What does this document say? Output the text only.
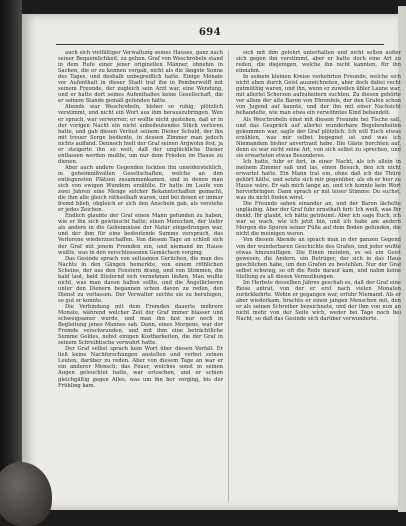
694

auch sich vielfältiger Verwaltung seines Hauses, ganz nach seiner Bequemlichkeit, zu gehen. Graf von Weschrobeln stand in dem Rufe einer jener originellen Männer, ohnehin in Sachen, die er zu kennen vorgab, nicht als die längste Sonne des Tages, und deshalb unbegreiflich hatte. Einige Monate vor Aufenthalt in dieser Stadt traf ihn in Pemberwolff mit seinem Freunde, der zugleich sein Arzt war, eine Wendung, und er hatte dort seines Aufenthaltes keine Gesellschaft, die er seinem Stande gemäß gefunden hätte.

Abends war Weschrobeln, bisher so ruhig, plötzlich verstimmt, und nicht ein Wort aus ihm herauszubringen. Wen er sprach, war verworren; er wollte nicht gestehen, daß er in der vorigen Nacht ein nicht unbedeutendes Stück verloren hatte, und gab diesen Verlust seinem Diener Schuld, der ihn mit treuer Sorge bediente, in dessen Zimmer man jedoch nichts auffand. Dennoch hielt der Graf seinen Argwohn fest, ja er steigerte ihn so weit, daß der unglückliche Diener entlassen werden mußte, um nur dem Frieden im Hause zu dienen.

Aber auch andere Gegenden lockten ihn unwiderstehlich, in geheimnißvollen Gesellschaften, welche an den entlegensten Plätzen zusammenkamen, und in denen man sich von ewigen Wundern erzählte. Er hatte im Laufe von zwei Jahren eine Menge solcher Bekanntschaften gemacht, die ihm alle gleich räthselhaft waren, und bei denen er immer fremd blieb, obgleich er sich den Anschein gab, als verstehe er jedes Zeichen.

Endlich glaubte der Graf einen Mann gefunden zu haben, wie er ihn sich gewünscht hatte; einen Menschen, der tiefer als andere in die Geheimnisse der Natur eingedrungen war, und der ihm für eine bedeutende Summe versprach, das Verlorene wiederzuschaffen. Von diesem Tage an schloß sich der Graf mit jenem Fremden ein, und niemand im Hause wußte, was in den verschlossenen Gemächern vorging.

Das Gesinde sprach von seltsamen Gerüchen, die man des Nachts in den Gängen bemerkte, von einem röthlichen Scheine, der aus den Fenstern drang, und von Stimmen, die bald laut, bald flüsternd sich vernehmen ließen. Man wußte nicht, was man davon halten sollte, und die Ängstlicheren unter den Dienern begannen schon davon zu reden, den Dienst zu verlassen. Der Verwalter suchte sie zu beruhigen, so gut er konnte.

Die Verbindung mit dem Fremden dauerte mehrere Monate, während welcher Zeit der Graf immer blasser und schweigsamer wurde, und man ihn fast nur noch in Begleitung jenes Mannes sah. Dann, eines Morgens, war der Fremde verschwunden, und mit ihm eine beträchtliche Summe Geldes, nebst einigen Kostbarkeiten, die der Graf in seinem Schreibtische verwahrt hatte.

Der Graf selbst sprach kein Wort über diesen Vorfall. Er ließ keine Nachforschungen anstellen und verbot seinen Leuten, darüber zu reden. Aber von diesem Tage an war er ein anderer Mensch; das Feuer, welches sonst in seinen Augen geleuchtet hatte, war erloschen, und er schien gleichgültig gegen Alles, was um ihn her vorging, bis der Frühling kam.

sich mit ihm gelehrt unterhalten und nicht selten außer sich gegen ihn verstimmt, aber er hatte doch eine Art zu reden, die diejenigen, welche ihn nicht kannten, für ihn einnahm.

In seinem kleinen Kreise verkehrten Freunde, welche sich nicht eben durch Geist auszeichneten, aber doch dabei recht gutmüthig waren, und ihn, wenn er zuweilen übler Laune war, mit allerlei Scherzen aufzuheitern suchten. Zu diesen gehörte vor allem der alte Baron von Ehrenfels, der den Grafen schon von Jugend auf kannte, und der ihn mit einer Nachsicht behandelte, wie man etwa ein verwöhntes Kind behandelt.

Als Weschrobeln einst mit diesem Freunde bei Tische saß, und das Gespräch auf allerlei wunderbare Begebenheiten gekommen war, sagte der Graf plötzlich: Ich will Euch etwas erzählen, was mir selbst begegnet ist und was ich Niemandem bisher anvertraut habe. Die Gäste horchten auf, denn es war nicht seine Art, von sich selbst zu sprechen, und sie erwarteten etwas Besonderes.

Ich hatte, fuhr er fort, in einer Nacht, als ich allein in meinem Zimmer saß und las, einen Besuch, den ich nicht erwartet hatte. Ein Mann trat ein, ohne daß ich die Thüre gehört hätte, und setzte sich mir gegenüber, als ob er hier zu Hause wäre. Er sah mich lange an, und ich konnte kein Wort hervorbringen. Dann sprach er mit leiser Stimme: Du suchst, was du nicht finden wirst.

Die Freunde sahen einander an, und der Baron lächelte ungläubig. Aber der Graf fuhr ernsthaft fort: Ich weiß, was Ihr denkt. Ihr glaubt, ich hätte geträumt. Aber ich sage Euch, ich war so wach, wie ich jetzt bin, und ich habe am andern Morgen die Spuren seiner Füße auf dem Boden gefunden, die nicht die meinigen waren.

Von diesem Abende an sprach man in der ganzen Gegend von der wunderbaren Geschichte des Grafen, und jeder wußte etwas hinzuzufügen. Die Einen meinten, es sei ein Geist gewesen, die Andern, ein Betrüger, der sich in das Haus geschlichen habe, um den Grafen zu bestehlen. Nur der Graf selbst schwieg, so oft die Rede darauf kam, und nahm keine Stellung zu all diesen Vermuthungen.

Im Herbste desselben Jahres geschah es, daß der Graf eine Reise antrat, von der er erst nach vielen Monaten zurückkehrte. Wohin er gegangen war, erfuhr Niemand. Als er aber wiederkam, brachte er einen jungen Menschen mit, den er als seinen Schreiber bezeichnete, und der ihm von nun an nicht mehr von der Seite wich, weder bei Tage noch bei Nacht, so daß das Gesinde sich darüber verwunderte.
